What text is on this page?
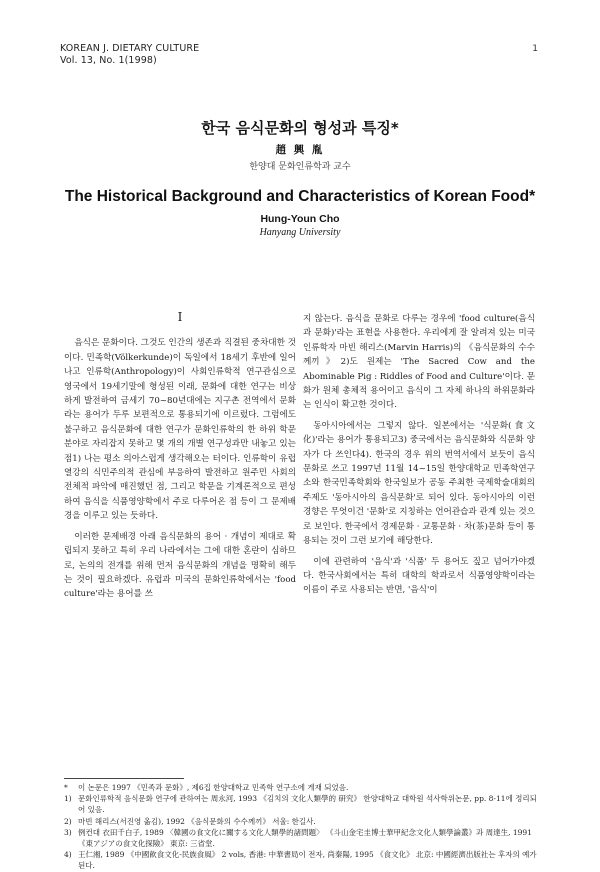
KOREAN J. DIETARY CULTURE
Vol. 13, No. 1(1998)
1
한국 음식문화의 형성과 특징*
趙 興 胤
한양대 문화인류학과 교수
The Historical Background and Characteristics of Korean Food*
Hung-Youn Cho
Hanyang University

I

음식은 문화이다. 그것도 인간의 생존과 직결된 중차대한 것이다. 민족학(Völkerkunde)이 독일에서 18세기 후반에 일어나고 인류학(Anthropology)이 사회인류학적 연구관심으로 영국에서 19세기말에 형성된 이래, 문화에 대한 연구는 비상하게 발전하여 금세기 70~80년대에는 지구촌 전역에서 문화라는 용어가 두루 보편적으로 통용되기에 이르렀다. 그럼에도 불구하고 음식문화에 대한 연구가 문화인류학의 한 하위 학문분야로 자리잡지 못하고 몇 개의 개별 연구성과만 내놓고 있는 점1) 나는 평소 의아스럽게 생각해오는 터이다. 인류학이 유럽 열강의 식민주의적 관심에 부응하여 발전하고 원주민 사회의 전체적 파악에 매진했던 점, 그리고 학문을 기계론적으로 편성하여 음식을 식품영양학에서 주로 다루어온 점 등이 그 문제배경을 이루고 있는 듯하다.

이러한 문제배경 아래 음식문화의 용어 · 개념이 제대로 확립되지 못하고 특히 우리 나라에서는 그에 대한 혼란이 심하므로, 논의의 전개를 위해 먼저 음식문화의 개념을 명확히 해두는 것이 필요하겠다. 유럽과 미국의 문화인류학에서는 'food culture'라는 용어를 쓰

지 않는다. 음식을 문화로 다루는 경우에 'food culture(음식과 문화)'라는 표현을 사용한다. 우리에게 잘 알려져 있는 미국 인류학자 마빈 해리스(Marvin Harris)의 《음식문화의 수수께끼》2)도 원제는 'The Sacred Cow and the Abominable Pig : Riddles of Food and Culture'이다. 문화가 원체 총체적 용어이고 음식이 그 자체 하나의 하위문화라는 인식이 확고한 것이다.

동아시아에서는 그렇지 않다. 일본에서는 '식문화(食文化)'라는 용어가 통용되고3) 중국에서는 음식문화와 식문화 양자가 다 쓰인다4). 한국의 경우 위의 번역서에서 보듯이 음식문화로 쓰고 1997년 11월 14~15일 한양대학교 민족학연구소와 한국민족학회와 한국일보가 공동 주최한 국제학술대회의 주제도 '동아시아의 음식문화'로 되어 있다. 동아시아의 이런 경향은 무엇이건 '문화'로 지칭하는 언어관습과 관계 있는 것으로 보인다. 한국에서 경제문화 · 교통문화 · 차(茶)문화 등이 통용되는 것이 그런 보기에 해당한다.

이에 관련하여 '음식'과 '식품' 두 용어도 짚고 넘어가야겠다. 한국사회에서는 특히 대학의 학과로서 식품영양학이라는 이름이 주로 사용되는 반면, '음식'이

*	이 논문은 1997 《민족과 문화》, 제6집 한양대학교 민족학 연구소에 게재 되었음.
1) 문화인류학적 음식문화 연구에 관하여는 周永河, 1993 《김치의 文化人類學的 研究》 한양대학교 대학원 석사학위논문, pp. 8-11에 정리되어 있음.
2) 마빈 해리스(서진영 옮김), 1992 《음식문화의 수수께끼》 서울: 한길사.
3) 例컨대 衣田千白子, 1989 〈韓國の食文化に關する文化人類學的諸問題〉 《斗山金宅圭博士華甲紀念文化人類學論叢》과 周達生, 1991 《東アジアの食文化探險》 東京: 三省堂.
4) 王仁湘, 1989 《中國飮食文化-民族食風》 2 vols, 香港: 中華書局이 전자, 尚秦陽, 1995 《食文化》 北京: 中國經濟出版社는 후자의 예가 된다.
